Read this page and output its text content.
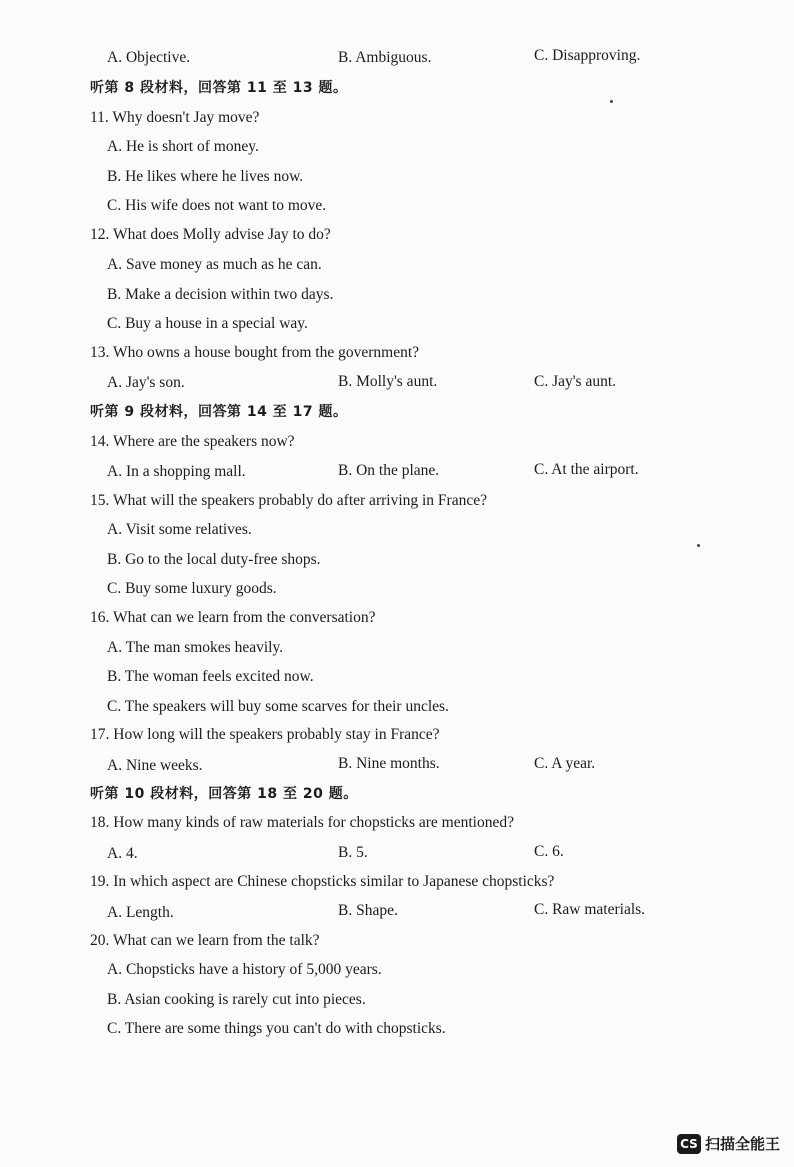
A. Objective.	B. Ambiguous.	C. Disapproving.
听第 8 段材料，回答第 11 至 13 题。
11. Why doesn't Jay move?
A. He is short of money.
B. He likes where he lives now.
C. His wife does not want to move.
12. What does Molly advise Jay to do?
A. Save money as much as he can.
B. Make a decision within two days.
C. Buy a house in a special way.
13. Who owns a house bought from the government?
A. Jay's son.	B. Molly's aunt.	C. Jay's aunt.
听第 9 段材料，回答第 14 至 17 题。
14. Where are the speakers now?
A. In a shopping mall.	B. On the plane.	C. At the airport.
15. What will the speakers probably do after arriving in France?
A. Visit some relatives.
B. Go to the local duty-free shops.
C. Buy some luxury goods.
16. What can we learn from the conversation?
A. The man smokes heavily.
B. The woman feels excited now.
C. The speakers will buy some scarves for their uncles.
17. How long will the speakers probably stay in France?
A. Nine weeks.	B. Nine months.	C. A year.
听第 10 段材料，回答第 18 至 20 题。
18. How many kinds of raw materials for chopsticks are mentioned?
A. 4.	B. 5.	C. 6.
19. In which aspect are Chinese chopsticks similar to Japanese chopsticks?
A. Length.	B. Shape.	C. Raw materials.
20. What can we learn from the talk?
A. Chopsticks have a history of 5,000 years.
B. Asian cooking is rarely cut into pieces.
C. There are some things you can't do with chopsticks.
CS 扫描全能王
